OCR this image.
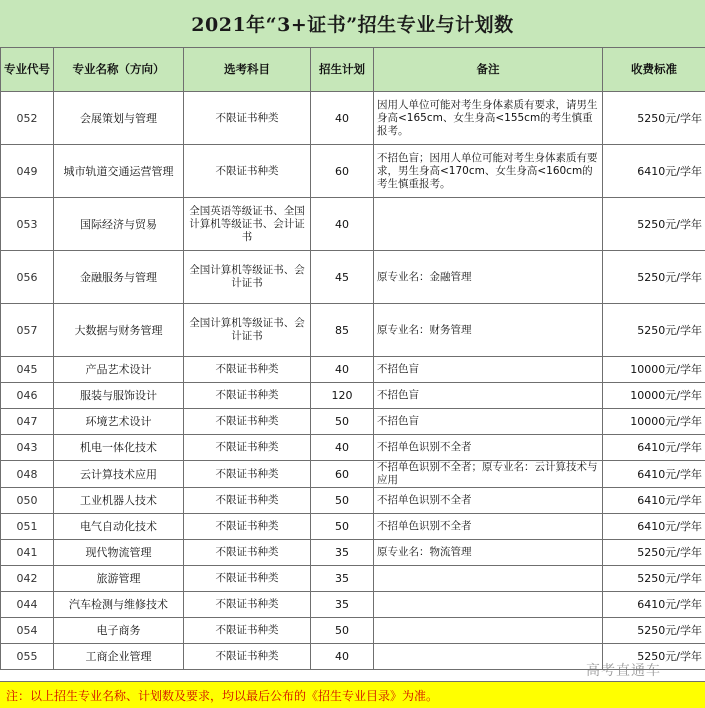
2021年“3+证书”招生专业与计划数
专业代号	专业名称（方向）	选考科目	招生计划	备注	收费标准
052	会展策划与管理	不限证书种类	40	因用人单位可能对考生身体素质有要求，请男生身高<165cm、女生身高<155cm的考生慎重报考。	5250元/学年
049	城市轨道交通运营管理	不限证书种类	60	不招色盲；因用人单位可能对考生身体素质有要求，男生身高<170cm、女生身高<160cm的考生慎重报考。	6410元/学年
053	国际经济与贸易	全国英语等级证书、全国计算机等级证书、会计证书	40		5250元/学年
056	金融服务与管理	全国计算机等级证书、会计证书	45	原专业名：金融管理	5250元/学年
057	大数据与财务管理	全国计算机等级证书、会计证书	85	原专业名：财务管理	5250元/学年
045	产品艺术设计	不限证书种类	40	不招色盲	10000元/学年
046	服装与服饰设计	不限证书种类	120	不招色盲	10000元/学年
047	环境艺术设计	不限证书种类	50	不招色盲	10000元/学年
043	机电一体化技术	不限证书种类	40	不招单色识别不全者	6410元/学年
048	云计算技术应用	不限证书种类	60	不招单色识别不全者；原专业名：云计算技术与应用	6410元/学年
050	工业机器人技术	不限证书种类	50	不招单色识别不全者	6410元/学年
051	电气自动化技术	不限证书种类	50	不招单色识别不全者	6410元/学年
041	现代物流管理	不限证书种类	35	原专业名：物流管理	5250元/学年
042	旅游管理	不限证书种类	35		5250元/学年
044	汽车检测与维修技术	不限证书种类	35		6410元/学年
054	电子商务	不限证书种类	50		5250元/学年
055	工商企业管理	不限证书种类	40		5250元/学年
高考直通车
注：以上招生专业名称、计划数及要求，均以最后公布的《招生专业目录》为准。
